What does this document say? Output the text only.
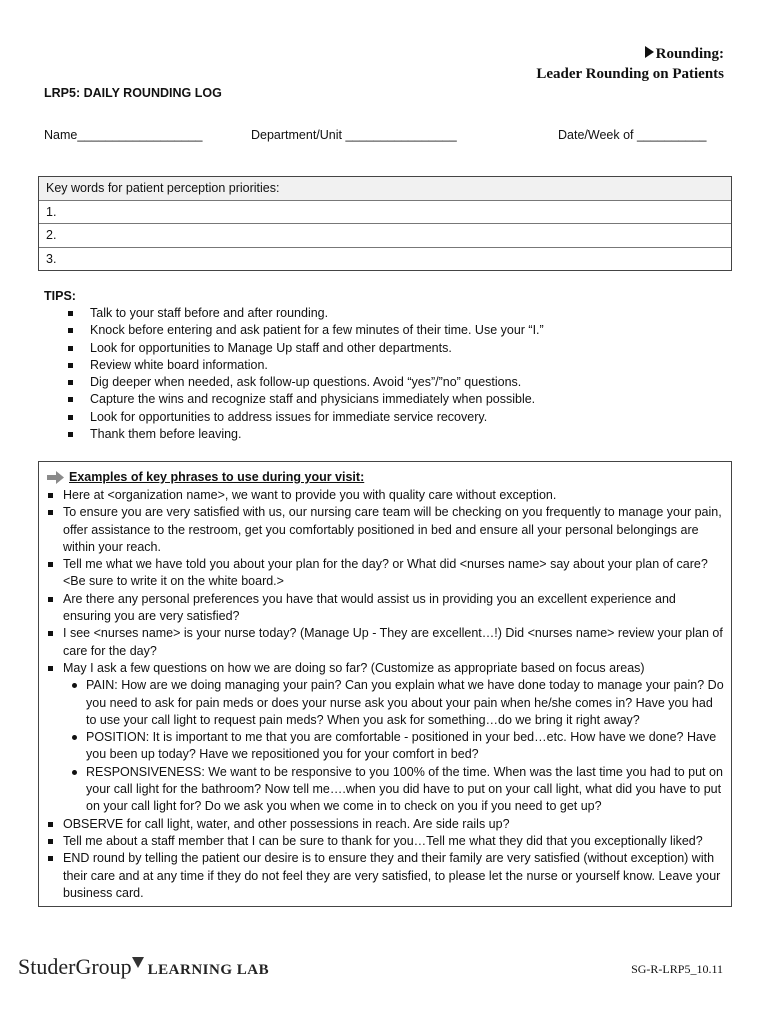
Rounding:
Leader Rounding on Patients
LRP5: DAILY ROUNDING LOG
Name__________________	Department/Unit ________________	Date/Week of __________
Key words for patient perception priorities:
1.
2.
3.
TIPS:
Talk to your staff before and after rounding.
Knock before entering and ask patient for a few minutes of their time. Use your “I.”
Look for opportunities to Manage Up staff and other departments.
Review white board information.
Dig deeper when needed, ask follow-up questions. Avoid “yes”/”no” questions.
Capture the wins and recognize staff and physicians immediately when possible.
Look for opportunities to address issues for immediate service recovery.
Thank them before leaving.
Examples of key phrases to use during your visit:
Here at <organization name>, we want to provide you with quality care without exception.
To ensure you are very satisfied with us, our nursing care team will be checking on you frequently to manage your pain, offer assistance to the restroom, get you comfortably positioned in bed and ensure all your personal belongings are within your reach.
Tell me what we have told you about your plan for the day? or What did <nurses name> say about your plan of care? <Be sure to write it on the white board.>
Are there any personal preferences you have that would assist us in providing you an excellent experience and ensuring you are very satisfied?
I see <nurses name> is your nurse today? (Manage Up - They are excellent…!) Did <nurses name> review your plan of care for the day?
May I ask a few questions on how we are doing so far? (Customize as appropriate based on focus areas)
PAIN: How are we doing managing your pain? Can you explain what we have done today to manage your pain? Do you need to ask for pain meds or does your nurse ask you about your pain when he/she comes in? Have you had to use your call light to request pain meds? When you ask for something…do we bring it right away?
POSITION: It is important to me that you are comfortable - positioned in your bed…etc. How have we done? Have you been up today? Have we repositioned you for your comfort in bed?
RESPONSIVENESS: We want to be responsive to you 100% of the time. When was the last time you had to put on your call light for the bathroom? Now tell me….when you did have to put on your call light, what did you have to put on your call light for? Do we ask you when we come in to check on you if you need to get up?
OBSERVE for call light, water, and other possessions in reach. Are side rails up?
Tell me about a staff member that I can be sure to thank for you…Tell me what they did that you exceptionally liked?
END round by telling the patient our desire is to ensure they and their family are very satisfied (without exception) with their care and at any time if they do not feel they are very satisfied, to please let the nurse or yourself know. Leave your business card.
StuderGroup LEARNING LAB	SG-R-LRP5_10.11
